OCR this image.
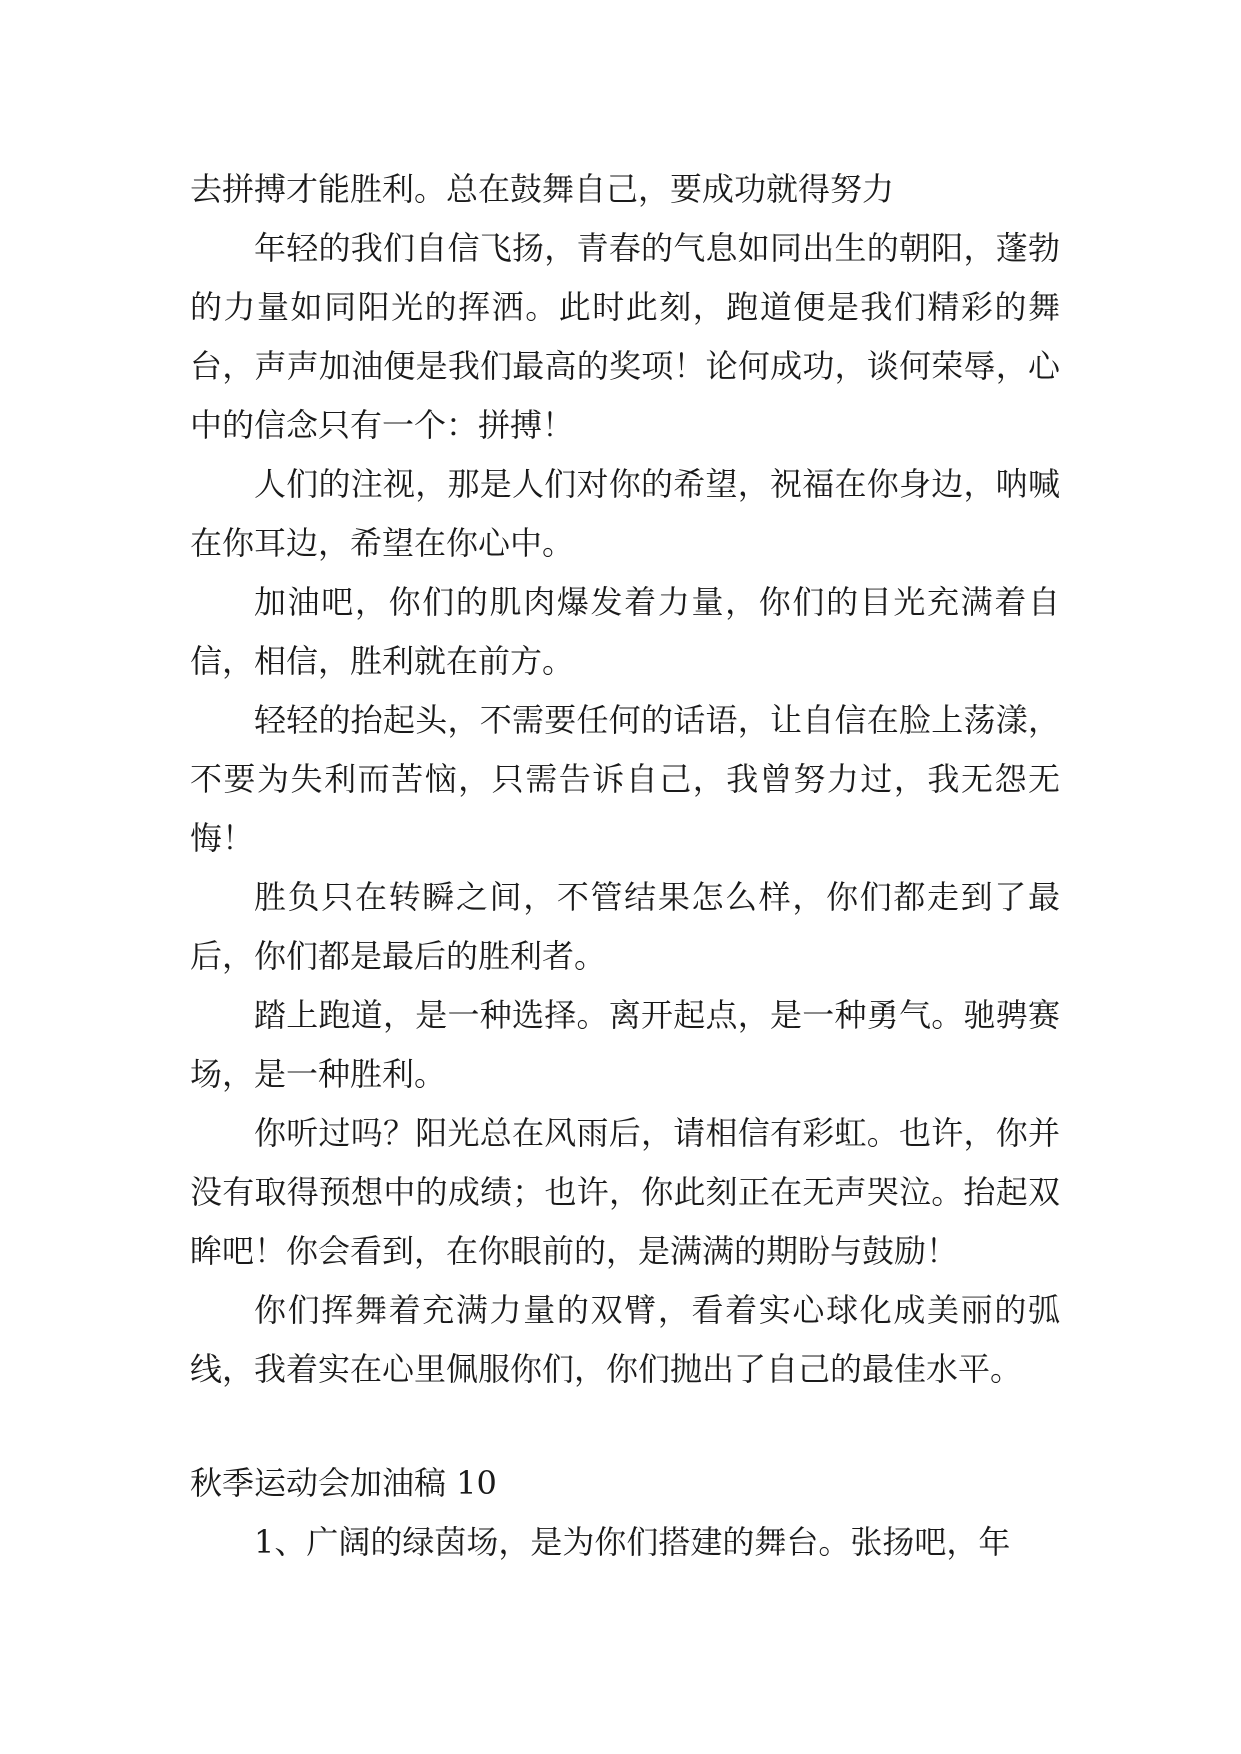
去拼搏才能胜利。总在鼓舞自己，要成功就得努力

年轻的我们自信飞扬，青春的气息如同出生的朝阳，蓬勃的力量如同阳光的挥洒。此时此刻，跑道便是我们精彩的舞台，声声加油便是我们最高的奖项！论何成功，谈何荣辱，心中的信念只有一个：拼搏！

人们的注视，那是人们对你的希望，祝福在你身边，呐喊在你耳边，希望在你心中。

加油吧，你们的肌肉爆发着力量，你们的目光充满着自信，相信，胜利就在前方。

轻轻的抬起头，不需要任何的话语，让自信在脸上荡漾，不要为失利而苦恼，只需告诉自己，我曾努力过，我无怨无悔！

胜负只在转瞬之间，不管结果怎么样，你们都走到了最后，你们都是最后的胜利者。

踏上跑道，是一种选择。离开起点，是一种勇气。驰骋赛场，是一种胜利。

你听过吗？阳光总在风雨后，请相信有彩虹。也许，你并没有取得预想中的成绩；也许，你此刻正在无声哭泣。抬起双眸吧！你会看到，在你眼前的，是满满的期盼与鼓励！

你们挥舞着充满力量的双臂，看着实心球化成美丽的弧线，我着实在心里佩服你们，你们抛出了自己的最佳水平。

秋季运动会加油稿 10

1、广阔的绿茵场，是为你们搭建的舞台。张扬吧，年
